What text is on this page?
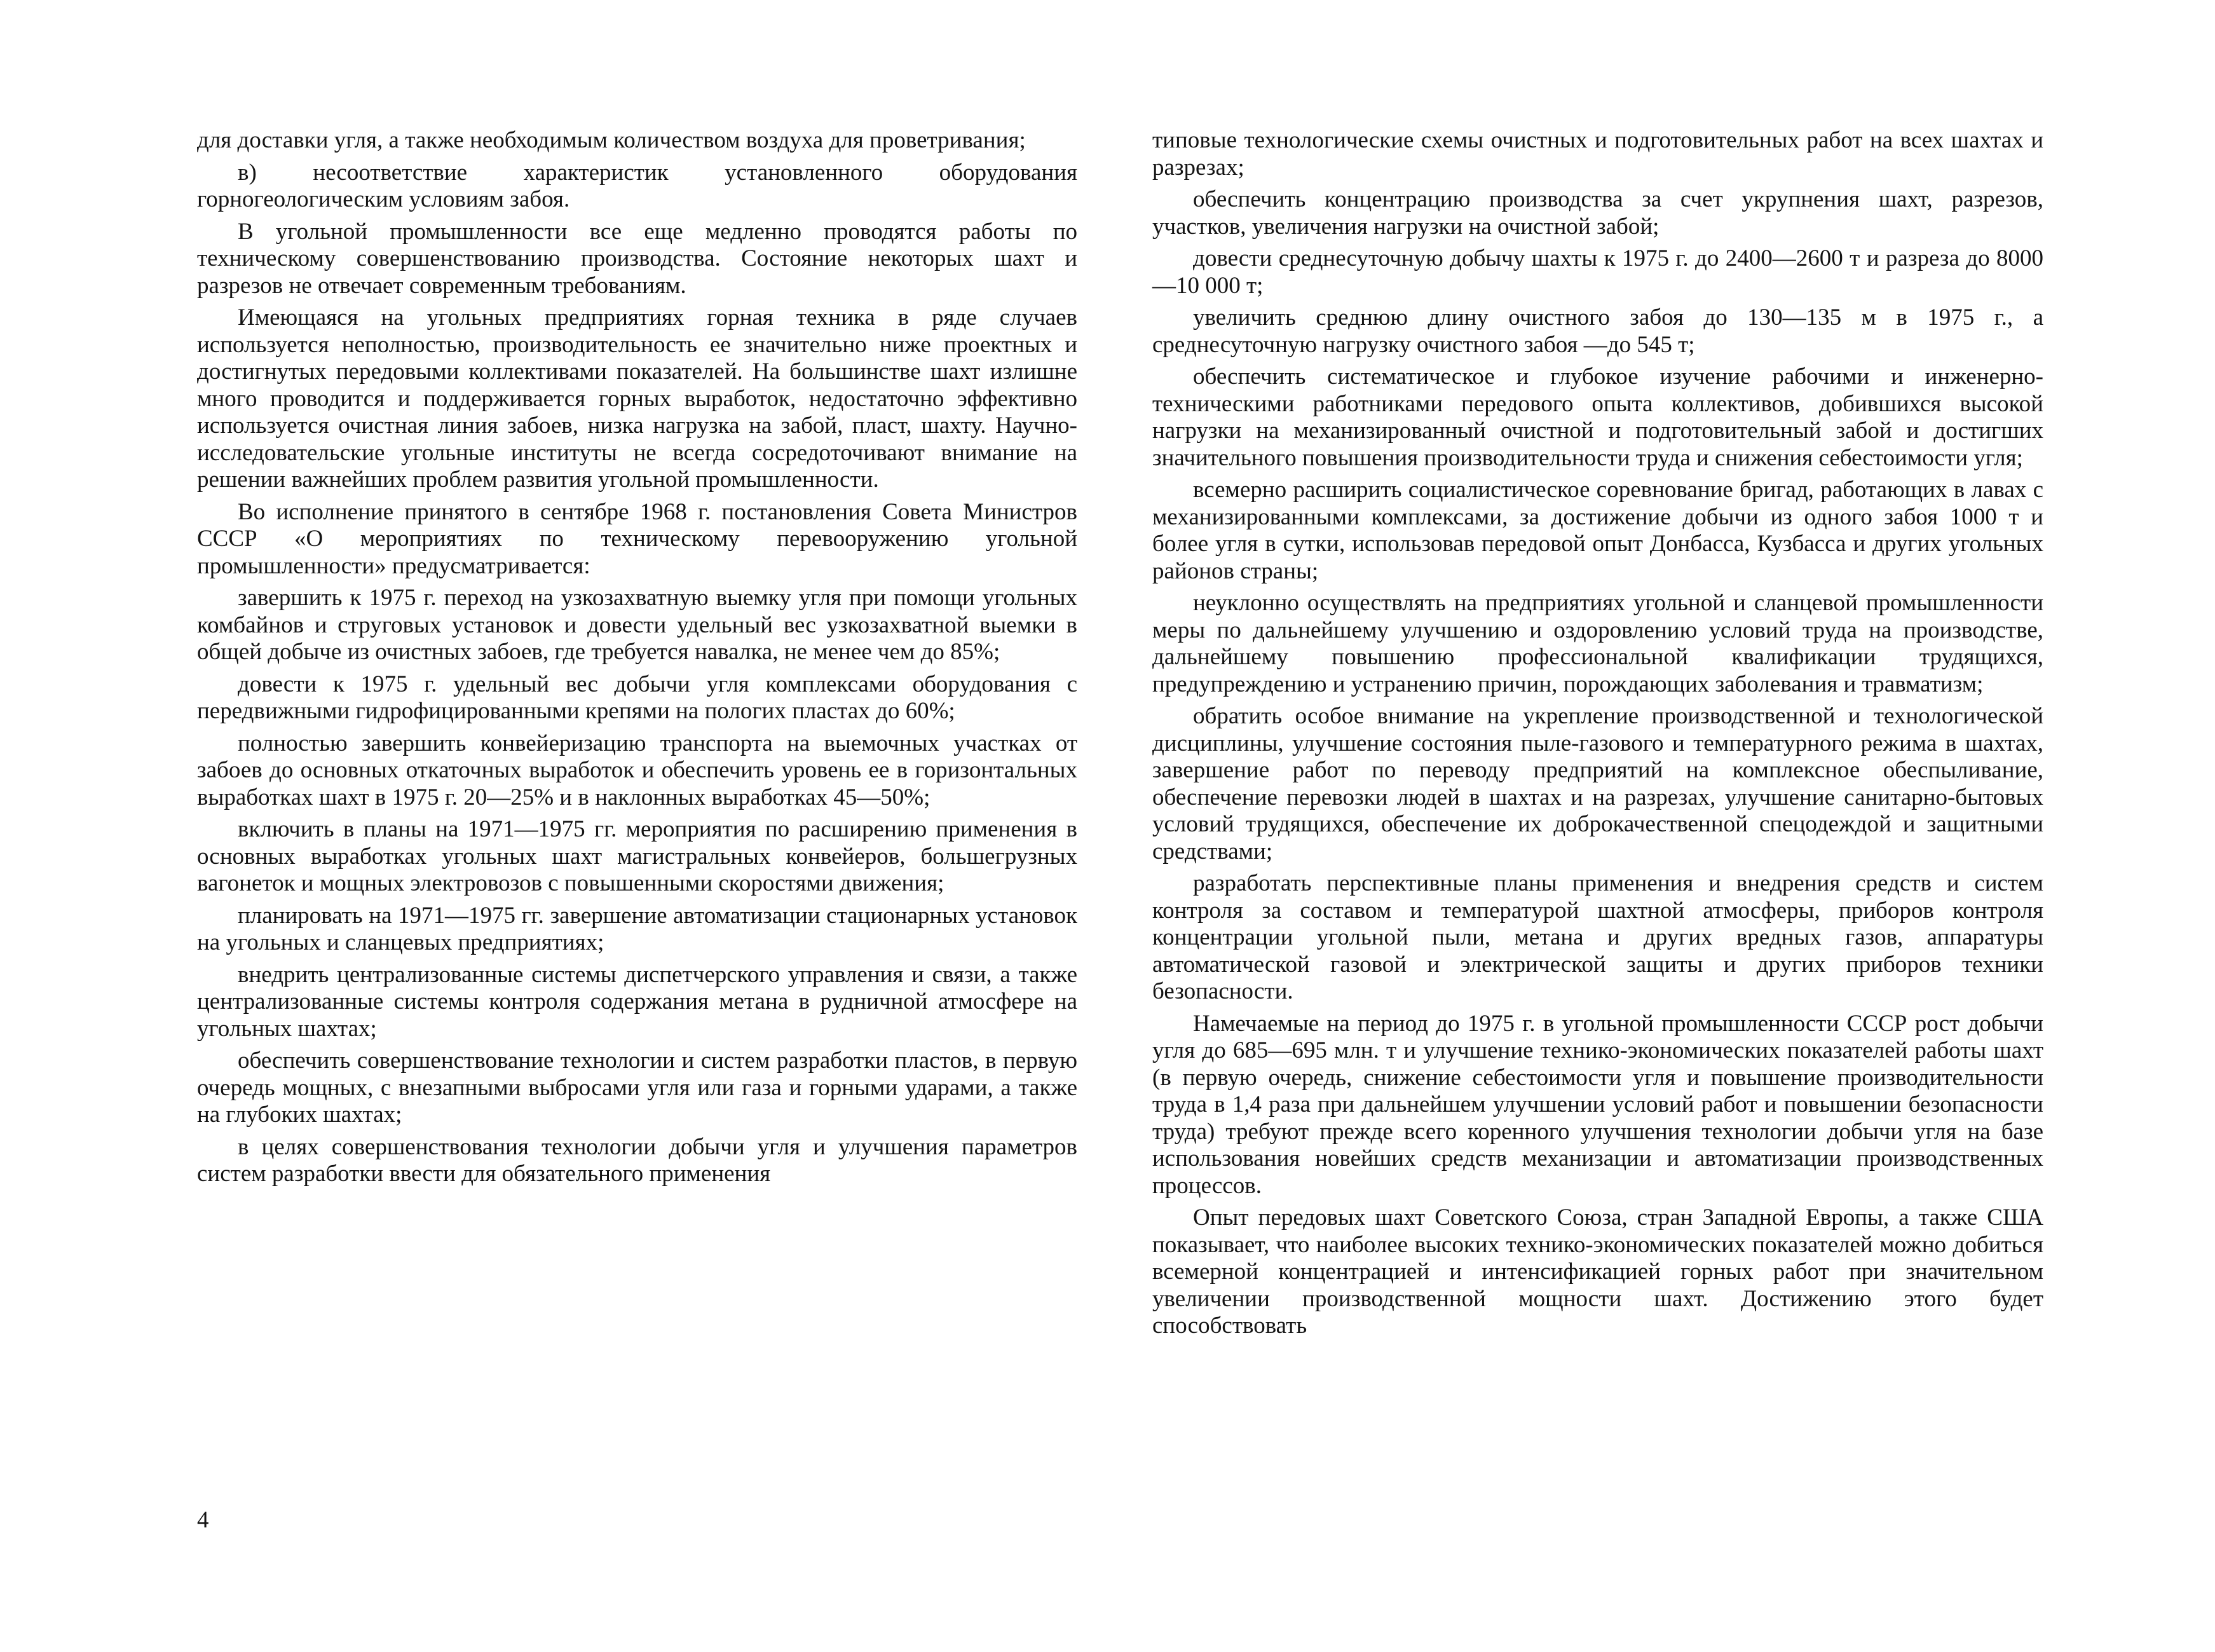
для доставки угля, а также необходимым количеством воздуха для проветривания;

в) несоответствие характеристик установленного оборудования горногеологическим условиям забоя.

В угольной промышленности все еще медленно проводятся работы по техническому совершенствованию производства. Состояние некоторых шахт и разрезов не отвечает современным требованиям.

Имеющаяся на угольных предприятиях горная техника в ряде случаев используется неполностью, производительность ее значительно ниже проектных и достигнутых передовыми коллективами показателей. На большинстве шахт излишне много проводится и поддерживается горных выработок, недостаточно эффективно используется очистная линия забоев, низка нагрузка на забой, пласт, шахту. Научно-исследовательские угольные институты не всегда сосредоточивают внимание на решении важнейших проблем развития угольной промышленности.

Во исполнение принятого в сентябре 1968 г. постановления Совета Министров СССР «О мероприятиях по техническому перевооружению угольной промышленности» предусматривается:

завершить к 1975 г. переход на узкозахватную выемку угля при помощи угольных комбайнов и струговых установок и довести удельный вес узкозахватной выемки в общей добыче из очистных забоев, где требуется навалка, не менее чем до 85%;

довести к 1975 г. удельный вес добычи угля комплексами оборудования с передвижными гидрофицированными крепями на пологих пластах до 60%;

полностью завершить конвейеризацию транспорта на выемочных участках от забоев до основных откаточных выработок и обеспечить уровень ее в горизонтальных выработках шахт в 1975 г. 20—25% и в наклонных выработках 45—50%;

включить в планы на 1971—1975 гг. мероприятия по расширению применения в основных выработках угольных шахт магистральных конвейеров, большегрузных вагонеток и мощных электровозов с повышенными скоростями движения;

планировать на 1971—1975 гг. завершение автоматизации стационарных установок на угольных и сланцевых предприятиях;

внедрить централизованные системы диспетчерского управления и связи, а также централизованные системы контроля содержания метана в рудничной атмосфере на угольных шахтах;

обеспечить совершенствование технологии и систем разработки пластов, в первую очередь мощных, с внезапными выбросами угля или газа и горными ударами, а также на глубоких шахтах;

в целях совершенствования технологии добычи угля и улучшения параметров систем разработки ввести для обязательного применения

типовые технологические схемы очистных и подготовительных работ на всех шахтах и разрезах;

обеспечить концентрацию производства за счет укрупнения шахт, разрезов, участков, увеличения нагрузки на очистной забой;

довести среднесуточную добычу шахты к 1975 г. до 2400—2600 т и разреза до 8000—10 000 т;

увеличить среднюю длину очистного забоя до 130—135 м в 1975 г., а среднесуточную нагрузку очистного забоя —до 545 т;

обеспечить систематическое и глубокое изучение рабочими и инженерно-техническими работниками передового опыта коллективов, добившихся высокой нагрузки на механизированный очистной и подготовительный забой и достигших значительного повышения производительности труда и снижения себестоимости угля;

всемерно расширить социалистическое соревнование бригад, работающих в лавах с механизированными комплексами, за достижение добычи из одного забоя 1000 т и более угля в сутки, использовав передовой опыт Донбасса, Кузбасса и других угольных районов страны;

неуклонно осуществлять на предприятиях угольной и сланцевой промышленности меры по дальнейшему улучшению и оздоровлению условий труда на производстве, дальнейшему повышению профессиональной квалификации трудящихся, предупреждению и устранению причин, порождающих заболевания и травматизм;

обратить особое внимание на укрепление производственной и технологической дисциплины, улучшение состояния пыле-газового и температурного режима в шахтах, завершение работ по переводу предприятий на комплексное обеспыливание, обеспечение перевозки людей в шахтах и на разрезах, улучшение санитарно-бытовых условий трудящихся, обеспечение их доброкачественной спецодеждой и защитными средствами;

разработать перспективные планы применения и внедрения средств и систем контроля за составом и температурой шахтной атмосферы, приборов контроля концентрации угольной пыли, метана и других вредных газов, аппаратуры автоматической газовой и электрической защиты и других приборов техники безопасности.

Намечаемые на период до 1975 г. в угольной промышленности СССР рост добычи угля до 685—695 млн. т и улучшение технико-экономических показателей работы шахт (в первую очередь, снижение себестоимости угля и повышение производительности труда в 1,4 раза при дальнейшем улучшении условий работ и повышении безопасности труда) требуют прежде всего коренного улучшения технологии добычи угля на базе использования новейших средств механизации и автоматизации производственных процессов.

Опыт передовых шахт Советского Союза, стран Западной Европы, а также США показывает, что наиболее высоких технико-экономических показателей можно добиться всемерной концентрацией и интенсификацией горных работ при значительном увеличении производственной мощности шахт. Достижению этого будет способствовать

4
